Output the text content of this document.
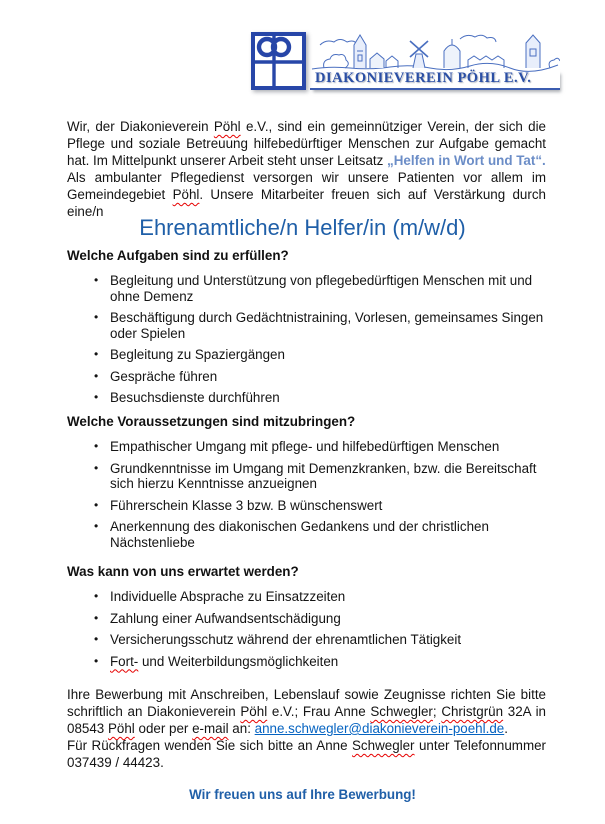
DIAKONIEVEREIN PÖHL E.V.

Wir, der Diakonieverein Pöhl e.V., sind ein gemeinnütziger Verein, der sich die Pflege und soziale Betreuung hilfebedürftiger Menschen zur Aufgabe gemacht hat. Im Mittelpunkt unserer Arbeit steht unser Leitsatz „Helfen in Wort und Tat“.

Als ambulanter Pflegedienst versorgen wir unsere Patienten vor allem im Gemeindegebiet Pöhl. Unsere Mitarbeiter freuen sich auf Verstärkung durch eine/n

Ehrenamtliche/n Helfer/in (m/w/d)
Welche Aufgaben sind zu erfüllen?
• Begleitung und Unterstützung von pflegebedürftigen Menschen mit und ohne Demenz
• Beschäftigung durch Gedächtnistraining, Vorlesen, gemeinsames Singen oder Spielen
• Begleitung zu Spaziergängen
• Gespräche führen
• Besuchsdienste durchführen
Welche Voraussetzungen sind mitzubringen?
• Empathischer Umgang mit pflege- und hilfebedürftigen Menschen
• Grundkenntnisse im Umgang mit Demenzkranken, bzw. die Bereitschaft sich hierzu Kenntnisse anzueignen
• Führerschein Klasse 3 bzw. B wünschenswert
• Anerkennung des diakonischen Gedankens und der christlichen Nächstenliebe
Was kann von uns erwartet werden?
• Individuelle Absprache zu Einsatzzeiten
• Zahlung einer Aufwandsentschädigung
• Versicherungsschutz während der ehrenamtlichen Tätigkeit
• Fort- und Weiterbildungsmöglichkeiten

Ihre Bewerbung mit Anschreiben, Lebenslauf sowie Zeugnisse richten Sie bitte schriftlich an Diakonieverein Pöhl e.V.; Frau Anne Schwegler; Christgrün 32A in 08543 Pöhl oder per e-mail an: anne.schwegler@diakonieverein-poehl.de.

Für Rückfragen wenden Sie sich bitte an Anne Schwegler unter Telefonnummer 037439 / 44423.

Wir freuen uns auf Ihre Bewerbung!
